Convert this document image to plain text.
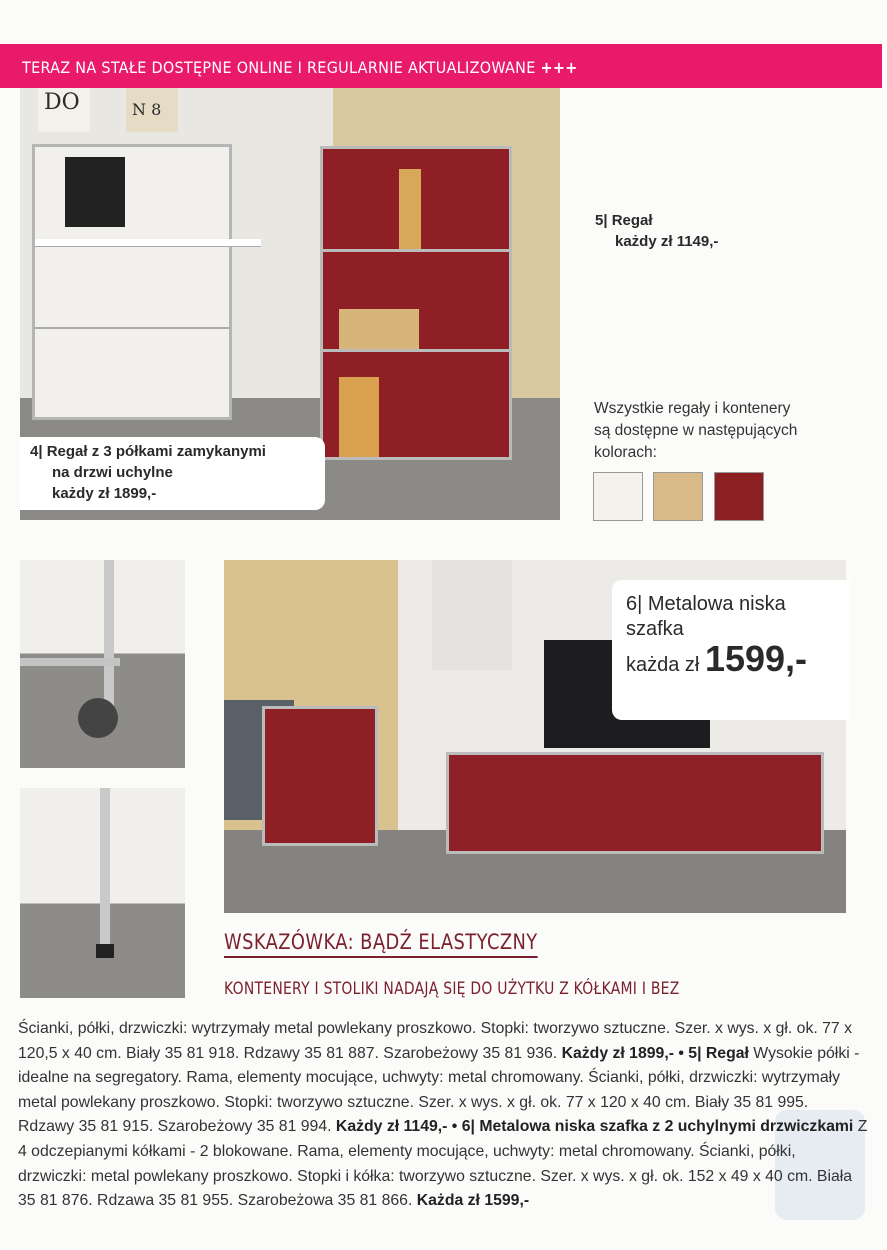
TERAZ NA STAŁE DOSTĘPNE ONLINE I REGULARNIE AKTUALIZOWANE +++
DO	N 8
4| Regał z 3 półkami zamykanymi
na drzwi uchylne
każdy zł 1899,-
5| Regał
każdy zł 1149,-
Wszystkie regały i kontenery
są dostępne w następujących
kolorach:
6| Metalowa niska
szafka
każda zł 1599,-
WSKAZÓWKA: BĄDŹ ELASTYCZNY
KONTENERY I STOLIKI NADAJĄ SIĘ DO UŻYTKU Z KÓŁKAMI I BEZ
Ścianki, półki, drzwiczki: wytrzymały metal powlekany proszkowo. Stopki: tworzywo sztuczne. Szer. x wys. x gł. ok. 77 x 120,5 x 40 cm. Biały 35 81 918. Rdzawy 35 81 887. Szarobeżowy 35 81 936. Każdy zł 1899,- • 5| Regał Wysokie półki - idealne na segregatory. Rama, elementy mocujące, uchwyty: metal chromowany. Ścianki, półki, drzwiczki: wytrzymały metal powlekany proszkowo. Stopki: tworzywo sztuczne. Szer. x wys. x gł. ok. 77 x 120 x 40 cm. Biały 35 81 995. Rdzawy 35 81 915. Szarobeżowy 35 81 994. Każdy zł 1149,- • 6| Metalowa niska szafka z 2 uchylnymi drzwiczkami Z 4 odczepianymi kółkami - 2 blokowane. Rama, elementy mocujące, uchwyty: metal chromowany. Ścianki, półki, drzwiczki: metal powlekany proszkowo. Stopki i kółka: tworzywo sztuczne. Szer. x wys. x gł. ok. 152 x 49 x 40 cm. Biała 35 81 876. Rdzawa 35 81 955. Szarobeżowa 35 81 866. Każda zł 1599,-
